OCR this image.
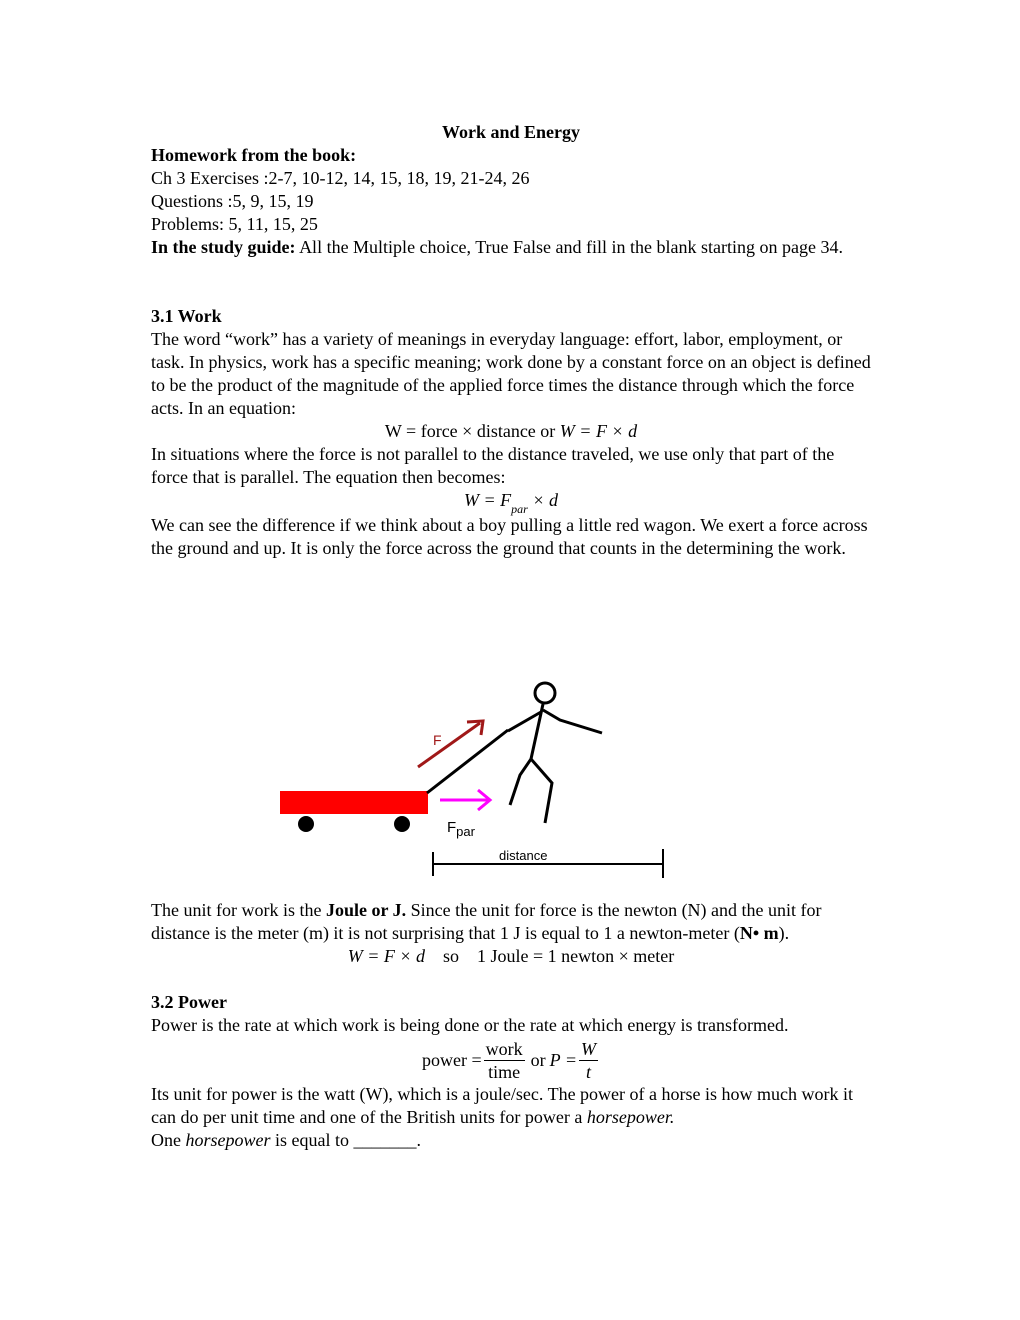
Work and Energy

Homework from the book:

Ch 3 Exercises :2-7, 10-12, 14, 15, 18, 19, 21-24, 26

Questions :5, 9, 15, 19

Problems: 5, 11, 15, 25

In the study guide: All the Multiple choice, True False and fill in the blank starting on page 34.

3.1 Work

The word “work” has a variety of meanings in everyday language: effort, labor, employment, or task. In physics, work has a specific meaning; work done by a constant force on an object is defined to be the product of the magnitude of the applied force times the distance through which the force acts. In an equation:

W = force × distance or W = F × d

In situations where the force is not parallel to the distance traveled, we use only that part of the force that is parallel. The equation then becomes:

$W = F_{par} \times d$

We can see the difference if we think about a boy pulling a little red wagon. We exert a force across the ground and up. It is only the force across the ground that counts in the determining the work.

F
Fpar
distance

The unit for work is the Joule or J. Since the unit for force is the newton (N) and the unit for distance is the meter (m) it is not surprising that 1 J is equal to 1 a newton-meter (N• m).

W = F × d so 1 Joule = 1 newton × meter

3.2 Power

Power is the rate at which work is being done or the rate at which energy is transformed.

power = $\frac{\text{work}}{\text{time}}$ or $P = \frac{W}{t}$

Its unit for power is the watt (W), which is a joule/sec. The power of a horse is how much work it can do per unit time and one of the British units for power a horsepower.
One horsepower is equal to _______.
